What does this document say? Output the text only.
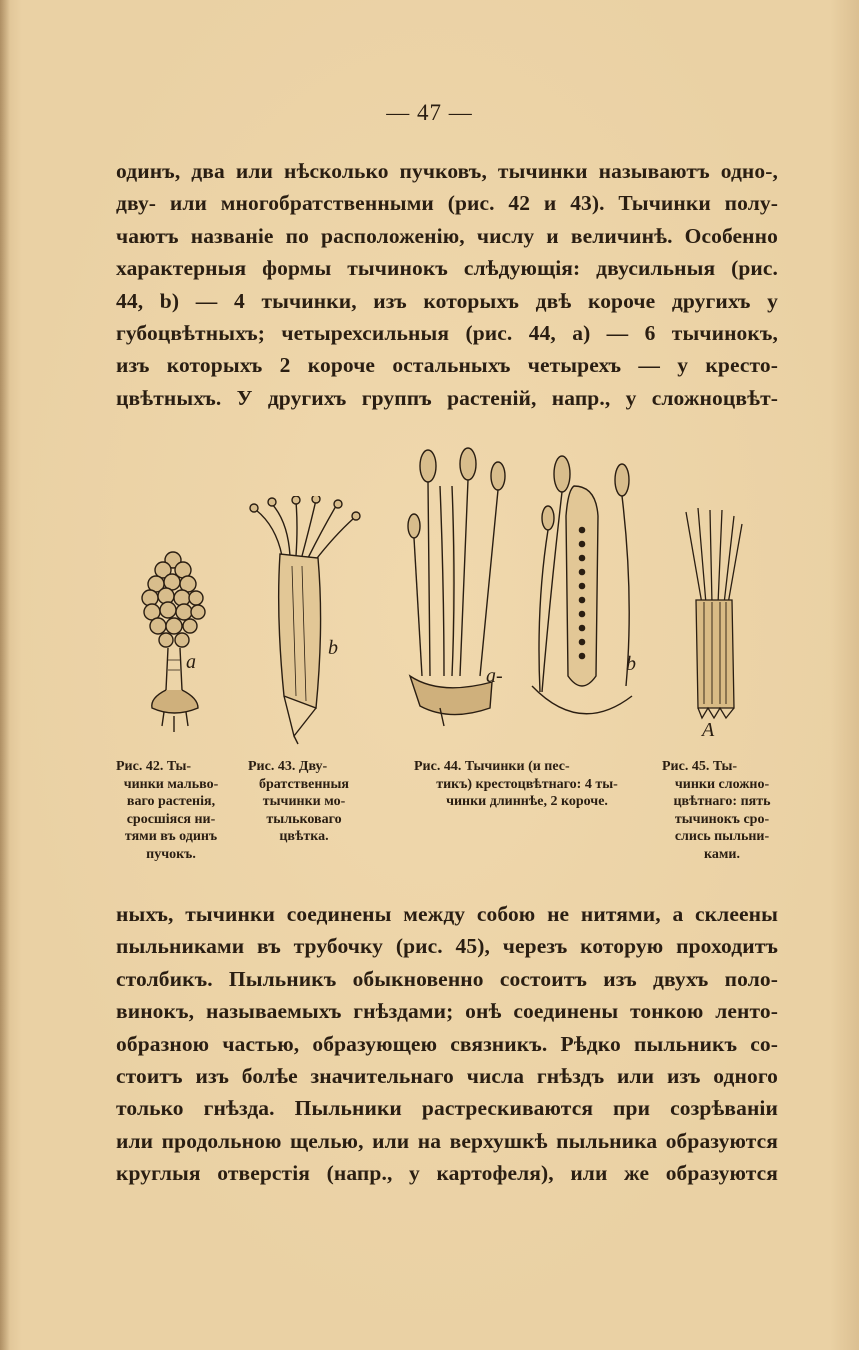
— 47 —
одинъ, два или нѣсколько пучковъ, тычинки называютъ одно-,
дву- или многобратственными (рис. 42 и 43). Тычинки полу-
чаютъ названіе по расположенію, числу и величинѣ. Особенно
характерныя формы тычинокъ слѣдующія: двусильныя (рис.
44, b) — 4 тычинки, изъ которыхъ двѣ короче другихъ у
губоцвѣтныхъ; четырехсильныя (рис. 44, a) — 6 тычинокъ,
изъ которыхъ 2 короче остальныхъ четырехъ — у кресто-
цвѣтныхъ. У другихъ группъ растеній, напр., у сложноцвѣт-
a
b
a-
b
A
Рис. 42. Ты-
чинки мальво-
ваго растенія,
сросшіяся ни-
тями въ одинъ
пучокъ.
Рис. 43. Дву-
братственныя
тычинки мо-
тыльковаго
цвѣтка.
Рис. 44. Тычинки (и пес-
тикъ) крестоцвѣтнаго: 4 ты-
чинки длиннѣе, 2 короче.
Рис. 45. Ты-
чинки сложно-
цвѣтнаго: пять
тычинокъ сро-
слись пыльни-
ками.
ныхъ, тычинки соединены между собою не нитями, а склеены
пыльниками въ трубочку (рис. 45), черезъ которую проходитъ
столбикъ. Пыльникъ обыкновенно состоитъ изъ двухъ поло-
винокъ, называемыхъ гнѣздами; онѣ соединены тонкою ленто-
образною частью, образующею связникъ. Рѣдко пыльникъ со-
стоитъ изъ болѣе значительнаго числа гнѣздъ или изъ одного
только гнѣзда. Пыльники растрескиваются при созрѣваніи
или продольною щелью, или на верхушкѣ пыльника образуются
круглыя отверстія (напр., у картофеля), или же образуются
